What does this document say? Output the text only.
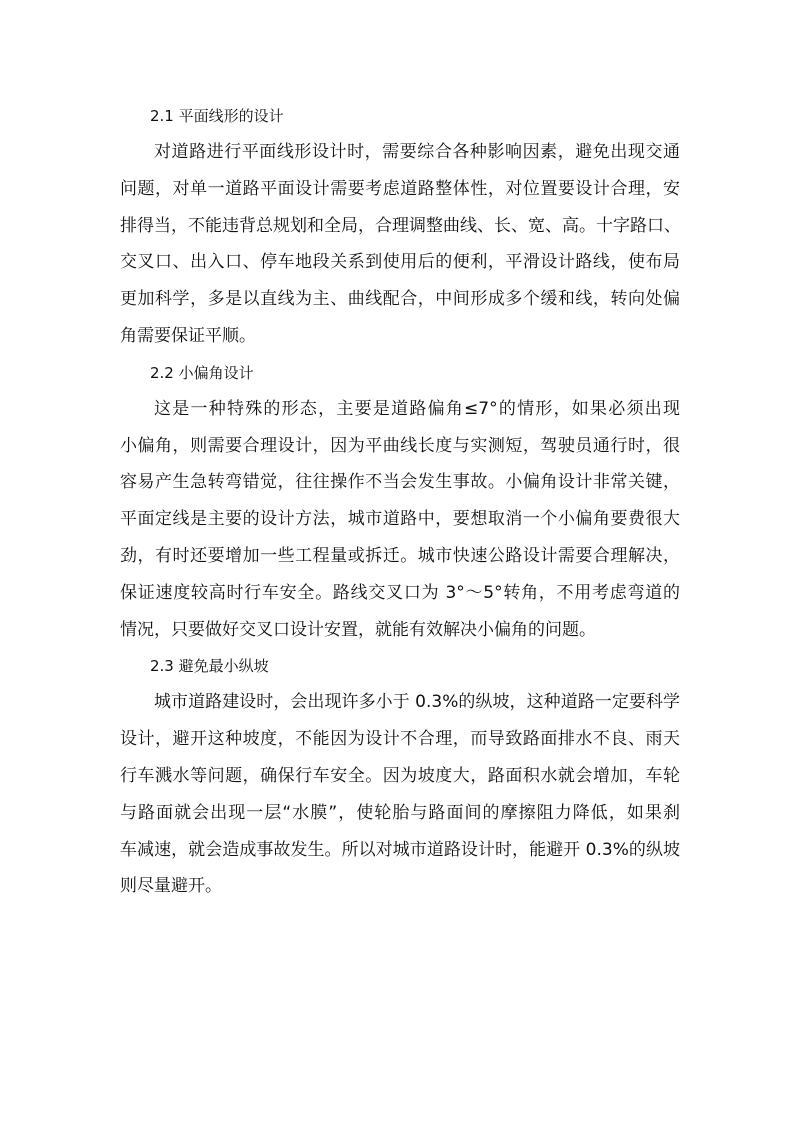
2.1 平面线形的设计
对道路进行平面线形设计时，需要综合各种影响因素，避免出现交通
问题，对单一道路平面设计需要考虑道路整体性，对位置要设计合理，安
排得当，不能违背总规划和全局，合理调整曲线、长、宽、高。十字路口、
交叉口、出入口、停车地段关系到使用后的便利，平滑设计路线，使布局
更加科学，多是以直线为主、曲线配合，中间形成多个缓和线，转向处偏
角需要保证平顺。
2.2 小偏角设计
这是一种特殊的形态，主要是道路偏角≤7°的情形，如果必须出现
小偏角，则需要合理设计，因为平曲线长度与实测短，驾驶员通行时，很
容易产生急转弯错觉，往往操作不当会发生事故。小偏角设计非常关键，
平面定线是主要的设计方法，城市道路中，要想取消一个小偏角要费很大
劲，有时还要增加一些工程量或拆迁。城市快速公路设计需要合理解决，
保证速度较高时行车安全。路线交叉口为 3°～5°转角，不用考虑弯道的
情况，只要做好交叉口设计安置，就能有效解决小偏角的问题。
2.3 避免最小纵坡
城市道路建设时，会出现许多小于 0.3%的纵坡，这种道路一定要科学
设计，避开这种坡度，不能因为设计不合理，而导致路面排水不良、雨天
行车溅水等问题，确保行车安全。因为坡度大，路面积水就会增加，车轮
与路面就会出现一层“水膜”，使轮胎与路面间的摩擦阻力降低，如果刹
车减速，就会造成事故发生。所以对城市道路设计时，能避开 0.3%的纵坡
则尽量避开。
